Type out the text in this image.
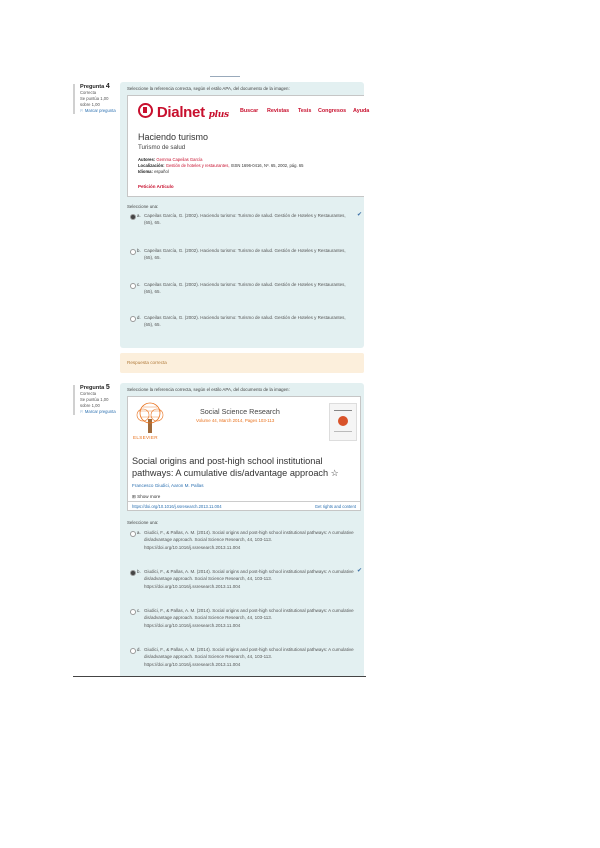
Pregunta 4
Correcta
Se puntúa 1,00 sobre 1,00
⚐ Marcar pregunta
Seleccione la referencia correcta, según el estilo APA, del documento de la imagen:
Dialnet plus Buscar Revistas Tesis Congresos Ayuda
Haciendo turismo
Turismo de salud
Autores: Gemma Capeilas García
Localización: Gestión de hoteles y restaurantes, ISSN 1696-0416, Nº. 65, 2002, pág. 65
Idioma: español
Petición Artículo
Seleccione una:
a. Capeilas García, G. (2002). Haciendo turismo: Turismo de salud. Gestión de Hoteles y Restaurantes, (65), 65.
✔
b. Capeilas García, G. (2002). Haciendo turismo: Turismo de salud. Gestión de Hoteles y Restaurantes, (65), 65.
c. Capeilas García, G. (2002). Haciendo turismo: Turismo de salud. Gestión de Hoteles y Restaurantes, (65), 65.
d. Capeilas García, G. (2002). Haciendo turismo: Turismo de salud. Gestión de Hoteles y Restaurantes, (65), 65.
Respuesta correcta
Pregunta 5
Correcta
Se puntúa 1,00 sobre 1,00
⚐ Marcar pregunta
Seleccione la referencia correcta, según el estilo APA, del documento de la imagen:
ELSEVIER
Social Science Research
Volume 44, March 2014, Pages 103-113
Social origins and post-high school institutional pathways: A cumulative dis/advantage approach ☆
Francesco Giudici, Aaron M. Pallas
⊞ Show more
https://doi.org/10.1016/j.ssresearch.2013.11.004	Get rights and content
Seleccione una:
a. Giudici, F., & Pallas, A. M. (2014). Social origins and post-high school institutional pathways: A cumulative dis/advantage approach. Social Science Research, 44, 103-113. https://doi.org/10.1016/j.ssresearch.2013.11.004
b. Giudici, F., & Pallas, A. M. (2014). Social origins and post-high school institutional pathways: A cumulative dis/advantage approach. Social Science Research, 44, 103-113. https://doi.org/10.1016/j.ssresearch.2013.11.004
✔
c. Giudici, F., & Pallas, A. M. (2014). Social origins and post-high school institutional pathways: A cumulative dis/advantage approach. Social Science Research, 44, 103-113. https://doi.org/10.1016/j.ssresearch.2013.11.004
d. Giudici, F., & Pallas, A. M. (2014). Social origins and post-high school institutional pathways: A cumulative dis/advantage approach. Social Science Research, 44, 103-113. https://doi.org/10.1016/j.ssresearch.2013.11.004
